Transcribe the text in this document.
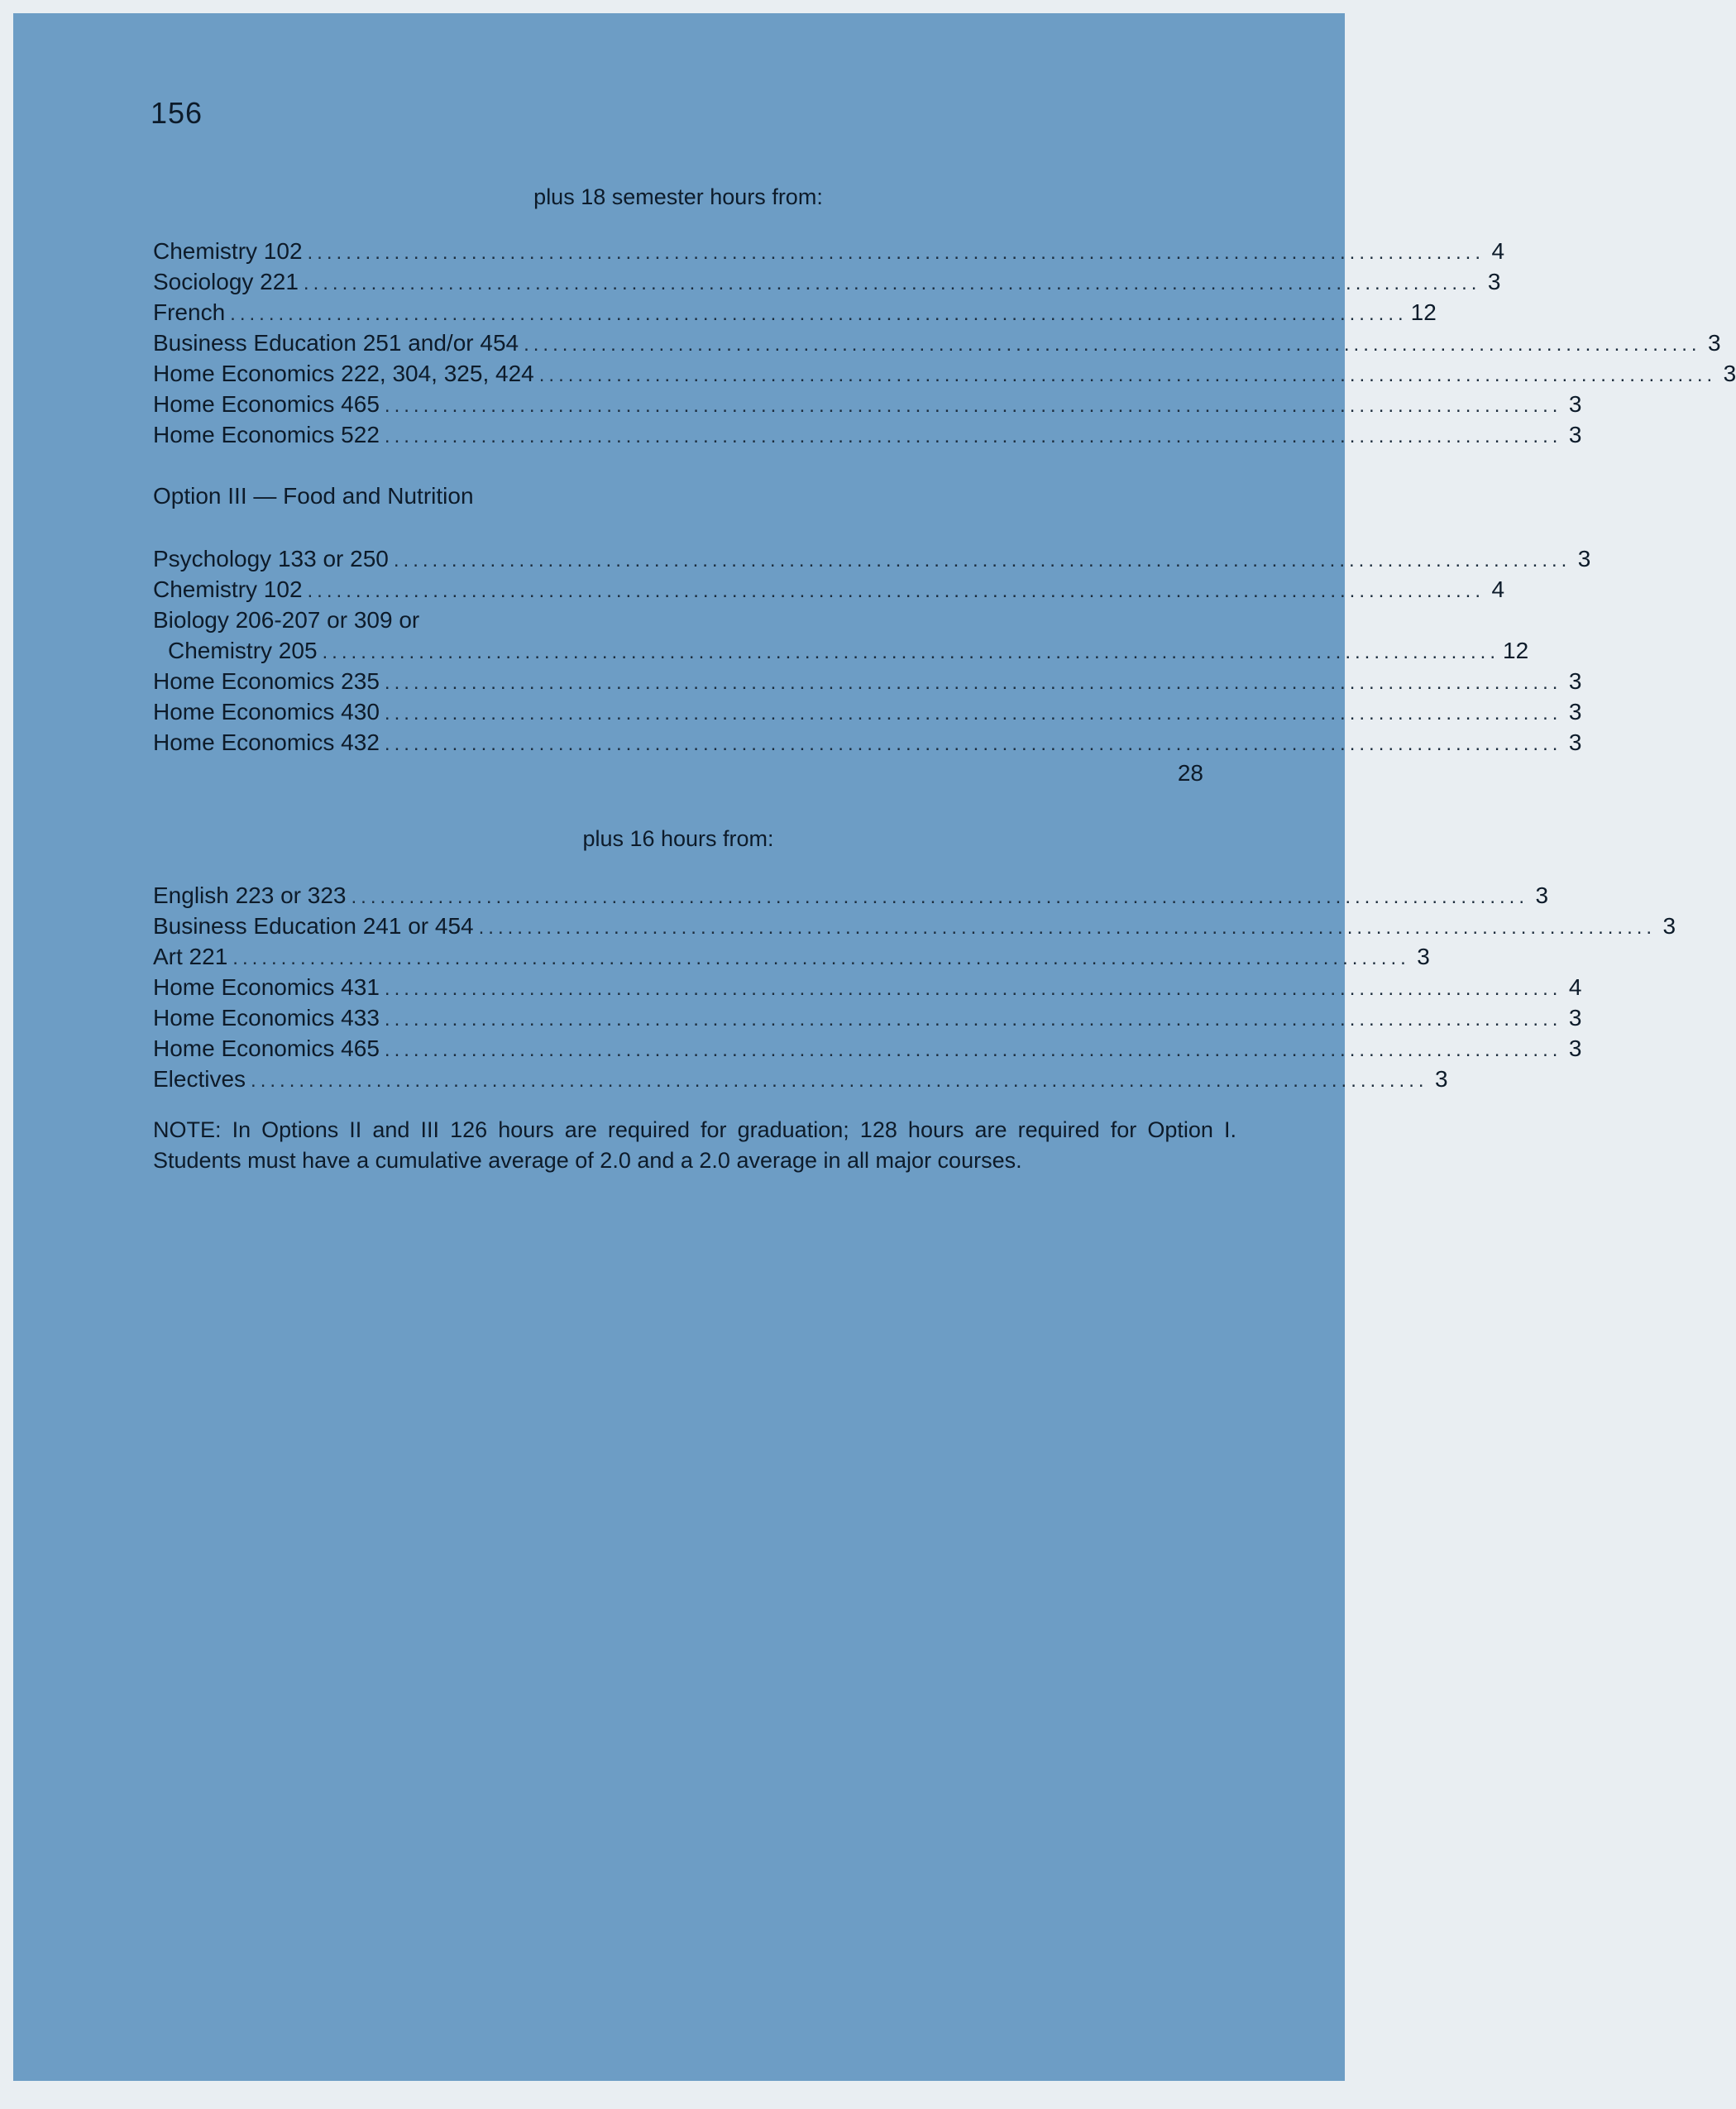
156
plus 18 semester hours from:
Chemistry 102 .......................................................................................................................... 4
Sociology 221 .......................................................................................................................... 3
French .......................................................................................................................... 12
Business Education 251 and/or 454 .......................................................................................................................... 3
Home Economics 222, 304, 325, 424 .......................................................................................................................... 3
Home Economics 465 .......................................................................................................................... 3
Home Economics 522 .......................................................................................................................... 3
Option III — Food and Nutrition
Psychology 133 or 250 .......................................................................................................................... 3
Chemistry 102 .......................................................................................................................... 4
Biology 206-207 or 309 or
Chemistry 205 .......................................................................................................................... 12
Home Economics 235 .......................................................................................................................... 3
Home Economics 430 .......................................................................................................................... 3
Home Economics 432 .......................................................................................................................... 3
28
plus 16 hours from:
English 223 or 323 .......................................................................................................................... 3
Business Education 241 or 454 .......................................................................................................................... 3
Art 221 .......................................................................................................................... 3
Home Economics 431 .......................................................................................................................... 4
Home Economics 433 .......................................................................................................................... 3
Home Economics 465 .......................................................................................................................... 3
Electives .......................................................................................................................... 3
NOTE: In Options II and III 126 hours are required for graduation; 128 hours are required for Option I. Students must have a cumulative average of 2.0 and a 2.0 average in all major courses.
